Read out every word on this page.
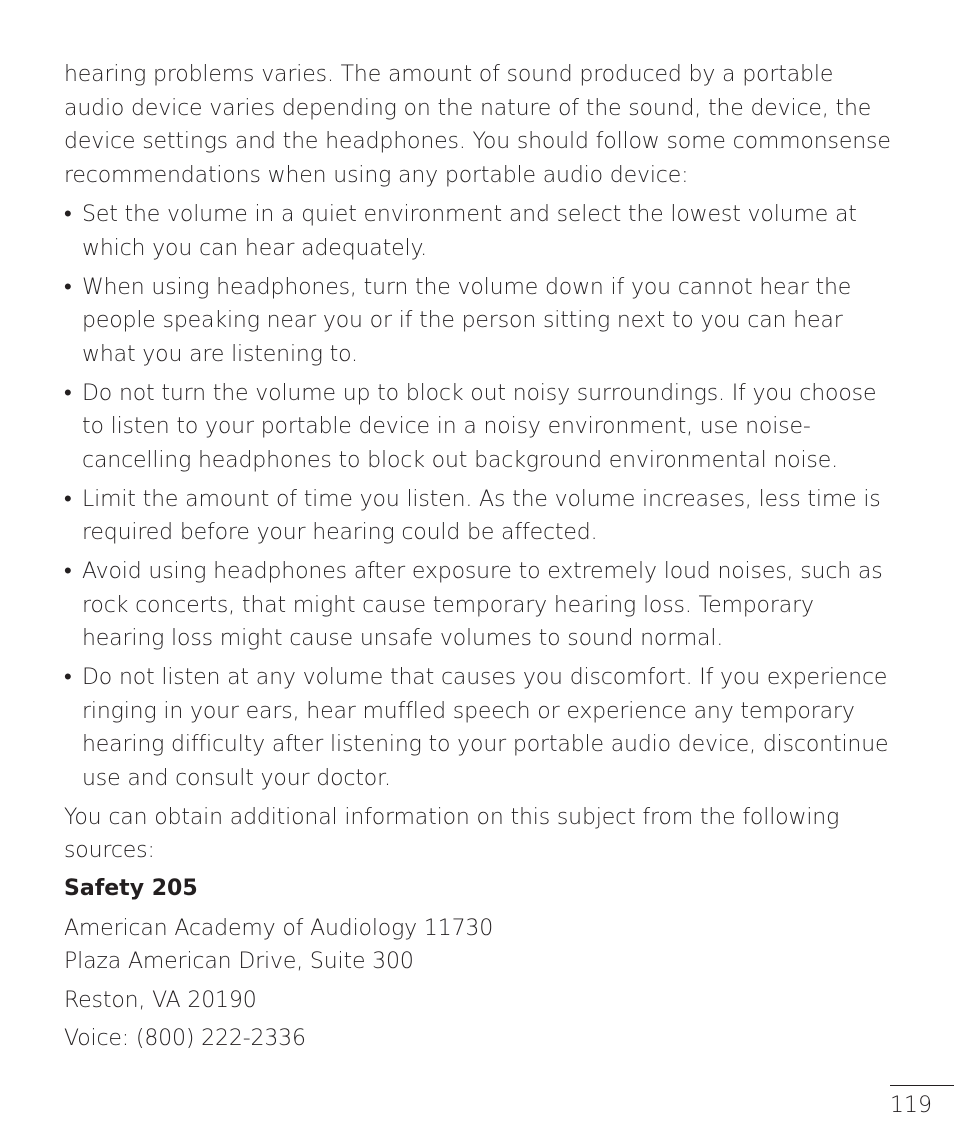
hearing problems varies. The amount of sound produced by a portable audio device varies depending on the nature of the sound, the device, the device settings and the headphones. You should follow some commonsense recommendations when using any portable audio device:

• Set the volume in a quiet environment and select the lowest volume at which you can hear adequately.
• When using headphones, turn the volume down if you cannot hear the people speaking near you or if the person sitting next to you can hear what you are listening to.
• Do not turn the volume up to block out noisy surroundings. If you choose to listen to your portable device in a noisy environment, use noise-cancelling headphones to block out background environmental noise.
• Limit the amount of time you listen. As the volume increases, less time is required before your hearing could be affected.
• Avoid using headphones after exposure to extremely loud noises, such as rock concerts, that might cause temporary hearing loss. Temporary hearing loss might cause unsafe volumes to sound normal.
• Do not listen at any volume that causes you discomfort. If you experience ringing in your ears, hear muffled speech or experience any temporary hearing difficulty after listening to your portable audio device, discontinue use and consult your doctor.

You can obtain additional information on this subject from the following sources:

Safety 205
American Academy of Audiology 11730
Plaza American Drive, Suite 300
Reston, VA 20190
Voice: (800) 222-2336
119
